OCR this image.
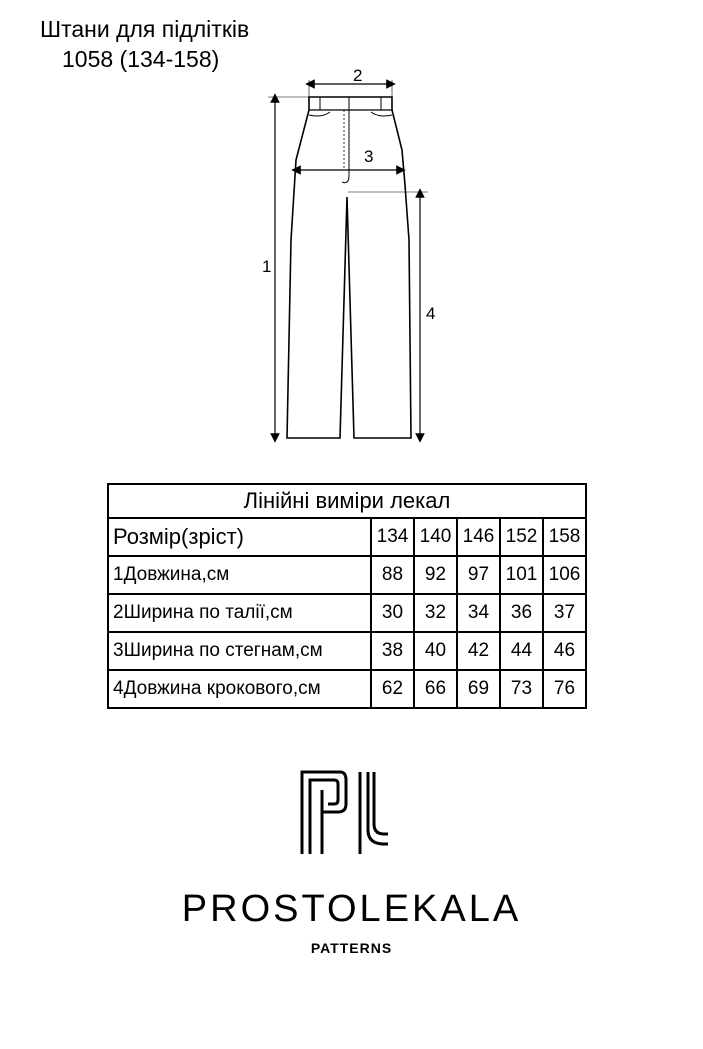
Штани для підлітків
1058 (134-158)
1
2
3
4
Лінійні виміри лекал					
Розмір(зріст)	134	140	146	152	158
1Довжина,см	88	92	97	101	106
2Ширина по талії,см	30	32	34	36	37
3Ширина по стегнам,см	38	40	42	44	46
4Довжина крокового,см	62	66	69	73	76
PROSTOLEKALA
PATTERNS
